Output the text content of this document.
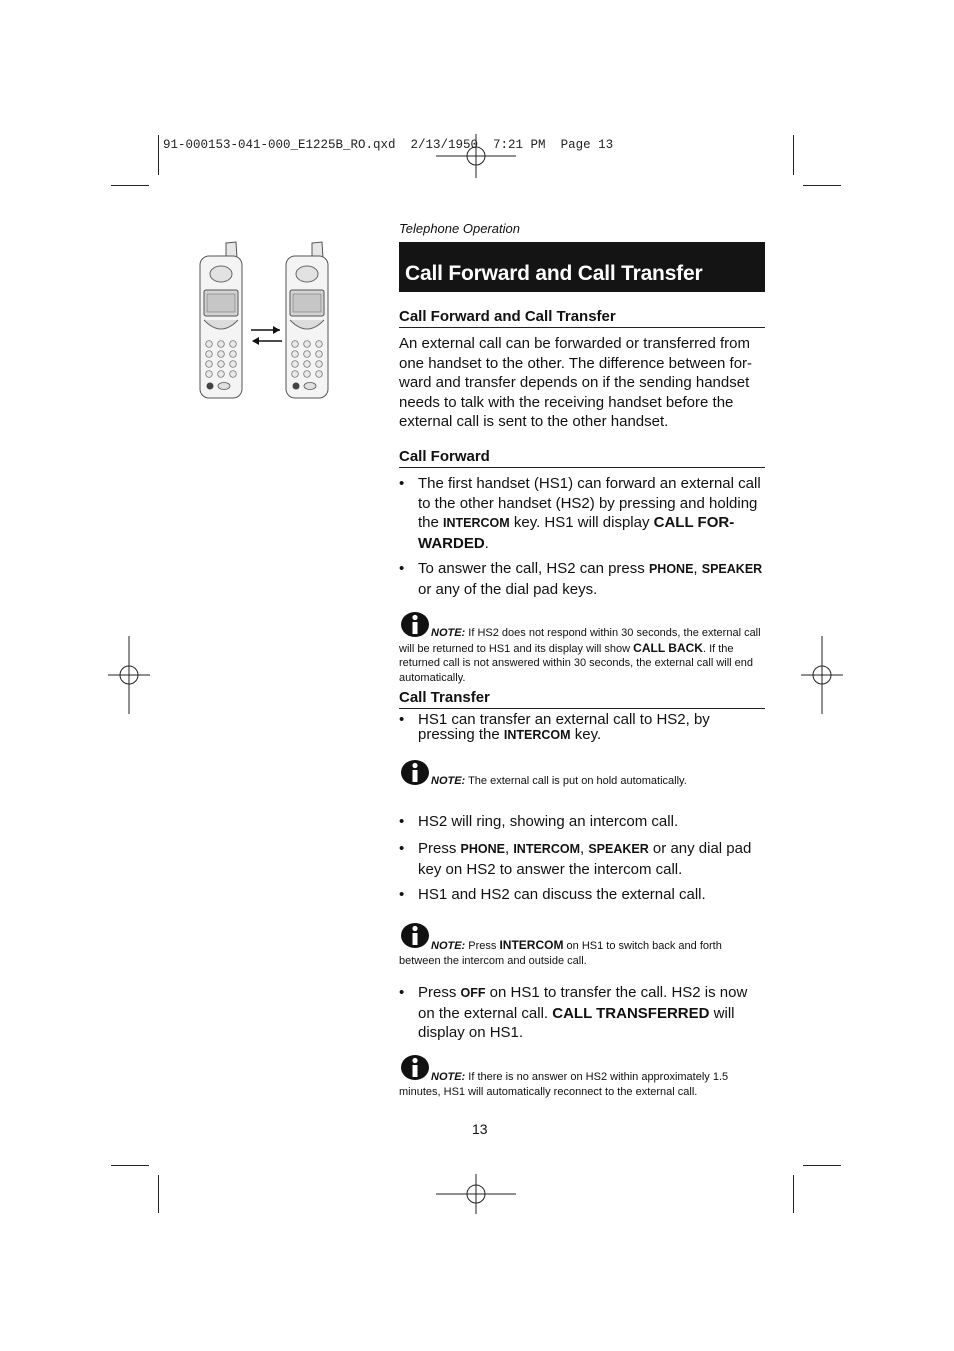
91-000153-041-000_E1225B_RO.qxd  2/13/1950  7:21 PM  Page 13
Telephone Operation
Call Forward and Call Transfer
Call Forward and Call Transfer
An external call can be forwarded or transferred from one handset to the other. The difference between for- ward and transfer depends on if the sending handset needs to talk with the receiving handset before the external call is sent to the other handset.
Call Forward
• The first handset (HS1) can forward an external call to the other handset (HS2) by pressing and holding the INTERCOM key. HS1 will display CALL FOR- WARDED.
• To answer the call, HS2 can press PHONE, SPEAKER or any of the dial pad keys.
NOTE: If HS2 does not respond within 30 seconds, the external call will be returned to HS1 and its display will show CALL BACK. If the returned call is not answered within 30 seconds, the external call will end automatically.
Call Transfer
• HS1 can transfer an external call to HS2, by pressing the INTERCOM key.
NOTE: The external call is put on hold automatically.
• HS2 will ring, showing an intercom call.
• Press PHONE, INTERCOM, SPEAKER or any dial pad key on HS2 to answer the intercom call.
• HS1 and HS2 can discuss the external call.
NOTE: Press INTERCOM on HS1 to switch back and forth between the intercom and outside call.
• Press OFF on HS1 to transfer the call. HS2 is now on the external call. CALL TRANSFERRED will display on HS1.
NOTE: If there is no answer on HS2 within approximately 1.5 minutes, HS1 will automatically reconnect to the external call.
13
